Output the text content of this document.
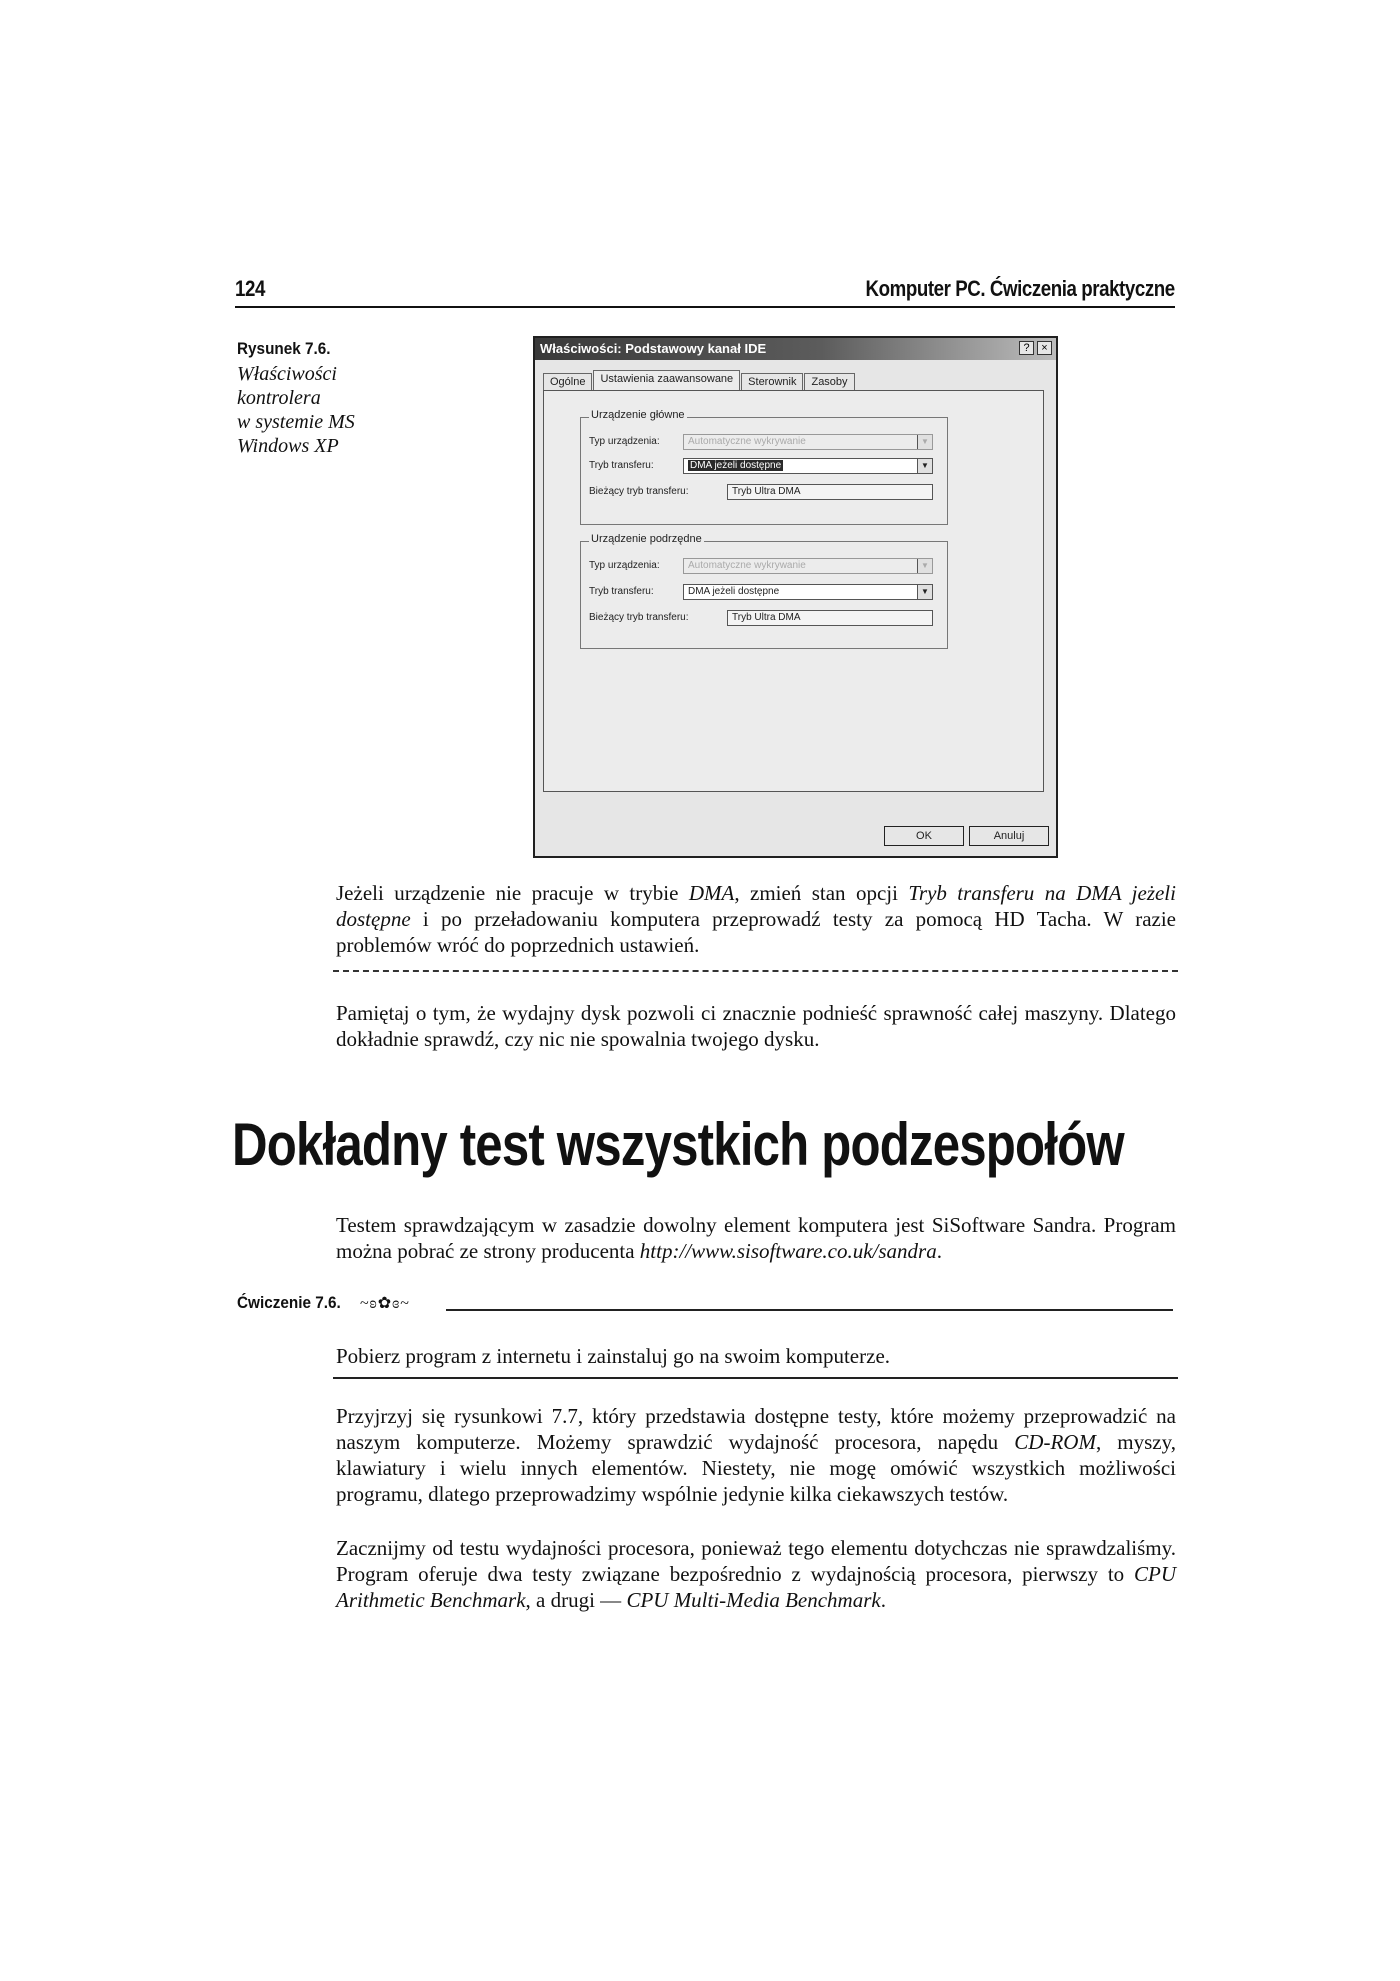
124	Komputer PC. Ćwiczenia praktyczne
Rysunek 7.6.
Właściwości
kontrolera
w systemie MS
Windows XP
Właściwości: Podstawowy kanał IDE	?	×
Ogólne	Ustawienia zaawansowane	Sterownik	Zasoby
Urządzenie główne
Typ urządzenia:	Automatyczne wykrywanie	▼
Tryb transferu:	DMA jeżeli dostępne	▼
Bieżący tryb transferu:	Tryb Ultra DMA
Urządzenie podrzędne
Typ urządzenia:	Automatyczne wykrywanie	▼
Tryb transferu:	DMA jeżeli dostępne	▼
Bieżący tryb transferu:	Tryb Ultra DMA
OK	Anuluj
Jeżeli urządzenie nie pracuje w trybie DMA, zmień stan opcji Tryb transferu na DMA jeżeli dostępne i po przeładowaniu komputera przeprowadź testy za pomocą HD Tacha. W razie problemów wróć do poprzednich ustawień.
Pamiętaj o tym, że wydajny dysk pozwoli ci znacznie podnieść sprawność całej maszyny. Dlatego dokładnie sprawdź, czy nic nie spowalnia twojego dysku.
Dokładny test wszystkich podzespołów
Testem sprawdzającym w zasadzie dowolny element komputera jest SiSoftware Sandra. Program można pobrać ze strony producenta http://www.sisoftware.co.uk/sandra.
Ćwiczenie 7.6. ~ʚ✿ɞ~
Pobierz program z internetu i zainstaluj go na swoim komputerze.
Przyjrzyj się rysunkowi 7.7, który przedstawia dostępne testy, które możemy przeprowadzić na naszym komputerze. Możemy sprawdzić wydajność procesora, napędu CD-ROM, myszy, klawiatury i wielu innych elementów. Niestety, nie mogę omówić wszystkich możliwości programu, dlatego przeprowadzimy wspólnie jedynie kilka ciekawszych testów.
Zacznijmy od testu wydajności procesora, ponieważ tego elementu dotychczas nie sprawdzaliśmy. Program oferuje dwa testy związane bezpośrednio z wydajnością procesora, pierwszy to CPU Arithmetic Benchmark, a drugi — CPU Multi-Media Benchmark.
